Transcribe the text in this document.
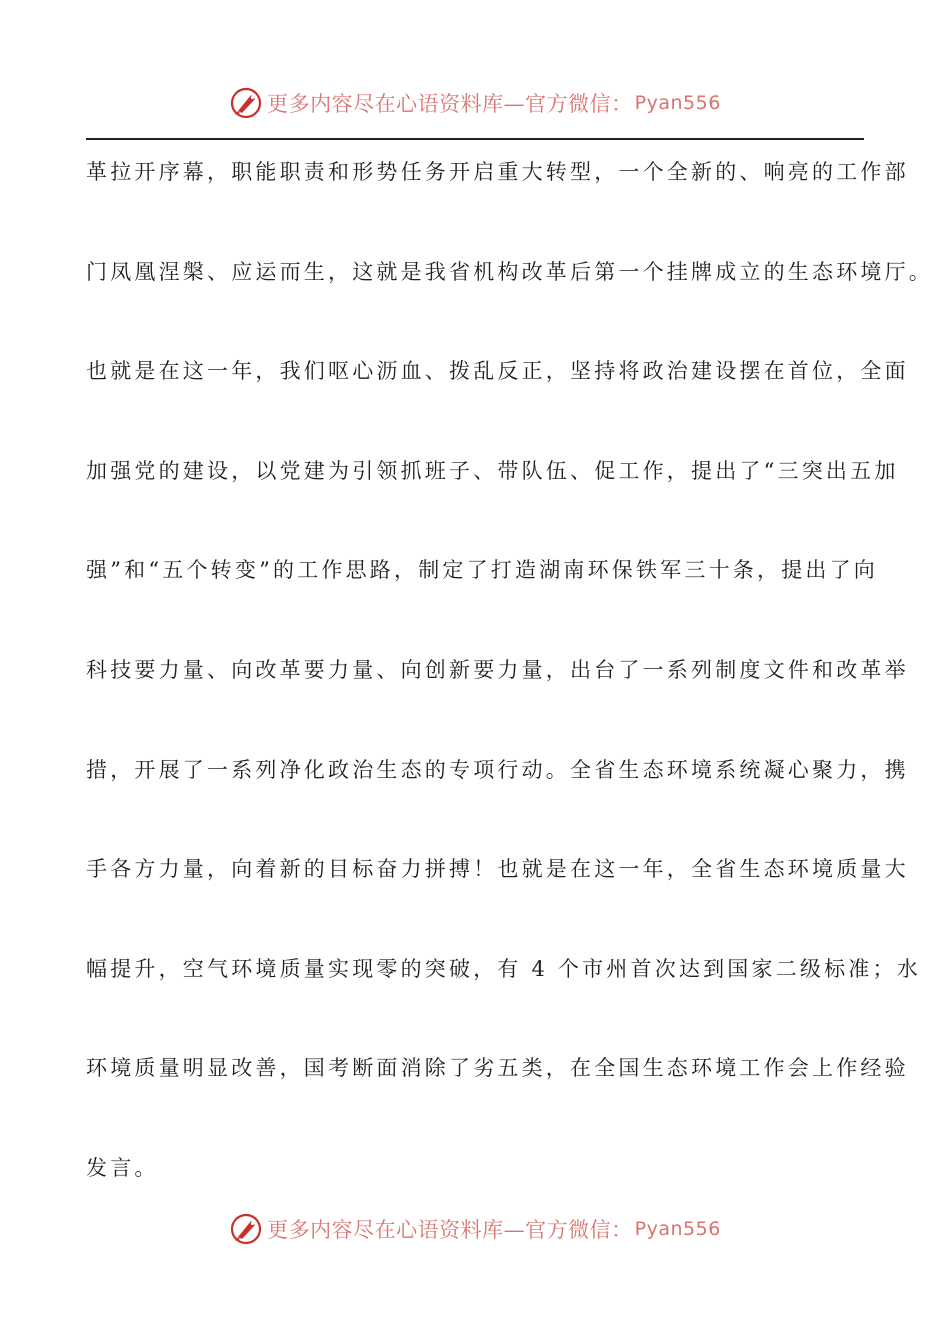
更多内容尽在心语资料库—官方微信： Pyan556
革拉开序幕，职能职责和形势任务开启重大转型，一个全新的、响亮的工作部
门凤凰涅槃、应运而生，这就是我省机构改革后第一个挂牌成立的生态环境厅。
也就是在这一年，我们呕心沥血、拨乱反正，坚持将政治建设摆在首位，全面
加强党的建设，以党建为引领抓班子、带队伍、促工作，提出了“三突出五加
强”和“五个转变”的工作思路，制定了打造湖南环保铁军三十条，提出了向
科技要力量、向改革要力量、向创新要力量，出台了一系列制度文件和改革举
措，开展了一系列净化政治生态的专项行动。全省生态环境系统凝心聚力，携
手各方力量，向着新的目标奋力拼搏！也就是在这一年，全省生态环境质量大
幅提升，空气环境质量实现零的突破，有 4 个市州首次达到国家二级标准；水
环境质量明显改善，国考断面消除了劣五类，在全国生态环境工作会上作经验
发言。
更多内容尽在心语资料库—官方微信： Pyan556
